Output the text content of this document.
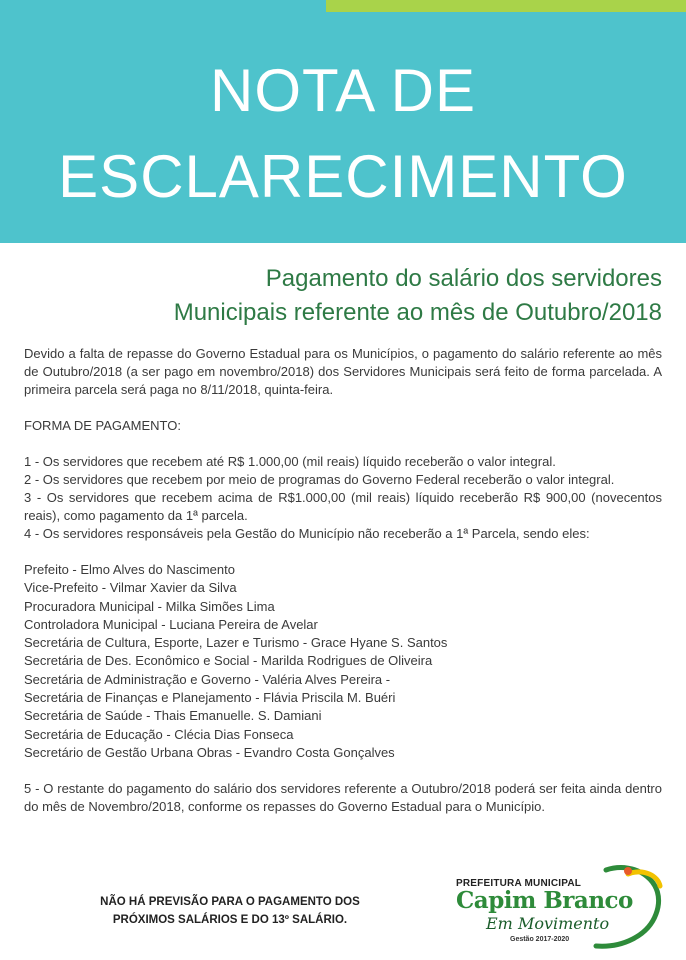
NOTA DE
ESCLARECIMENTO
Pagamento do salário dos servidores
Municipais referente ao mês de Outubro/2018

Devido a falta de repasse do Governo Estadual para os Municípios, o pagamento do salário referente ao mês de Outubro/2018 (a ser pago em novembro/2018) dos Servidores Municipais será feito de forma parcelada. A primeira parcela será paga no 8/11/2018, quinta-feira.

FORMA DE PAGAMENTO:

1 - Os servidores que recebem até R$ 1.000,00 (mil reais) líquido receberão o valor integral.

2 - Os servidores que recebem por meio de programas do Governo Federal receberão o valor integral.

3 - Os servidores que recebem acima de R$1.000,00 (mil reais) líquido receberão R$ 900,00 (novecentos reais), como pagamento da 1ª parcela.

4 - Os servidores responsáveis pela Gestão do Município não receberão a 1ª Parcela, sendo eles:

Prefeito - Elmo Alves do Nascimento
Vice-Prefeito - Vilmar Xavier da Silva
Procuradora Municipal - Milka Simões Lima
Controladora Municipal - Luciana Pereira de Avelar
Secretária de Cultura, Esporte, Lazer e Turismo - Grace Hyane S. Santos
Secretária de Des. Econômico e Social - Marilda Rodrigues de Oliveira
Secretária de Administração e Governo - Valéria Alves Pereira -
Secretária de Finanças e Planejamento - Flávia Priscila M. Buéri
Secretária de Saúde - Thais Emanuelle. S. Damiani
Secretária de Educação - Clécia Dias Fonseca
Secretário de Gestão Urbana Obras - Evandro Costa Gonçalves

5 - O restante do pagamento do salário dos servidores referente a Outubro/2018 poderá ser feita ainda dentro do mês de Novembro/2018, conforme os repasses do Governo Estadual para o Município.

NÃO HÁ PREVISÃO PARA O PAGAMENTO DOS
PRÓXIMOS SALÁRIOS E DO 13º SALÁRIO.
PREFEITURA MUNICIPAL
Capim Branco
Em Movimento
Gestão 2017-2020
